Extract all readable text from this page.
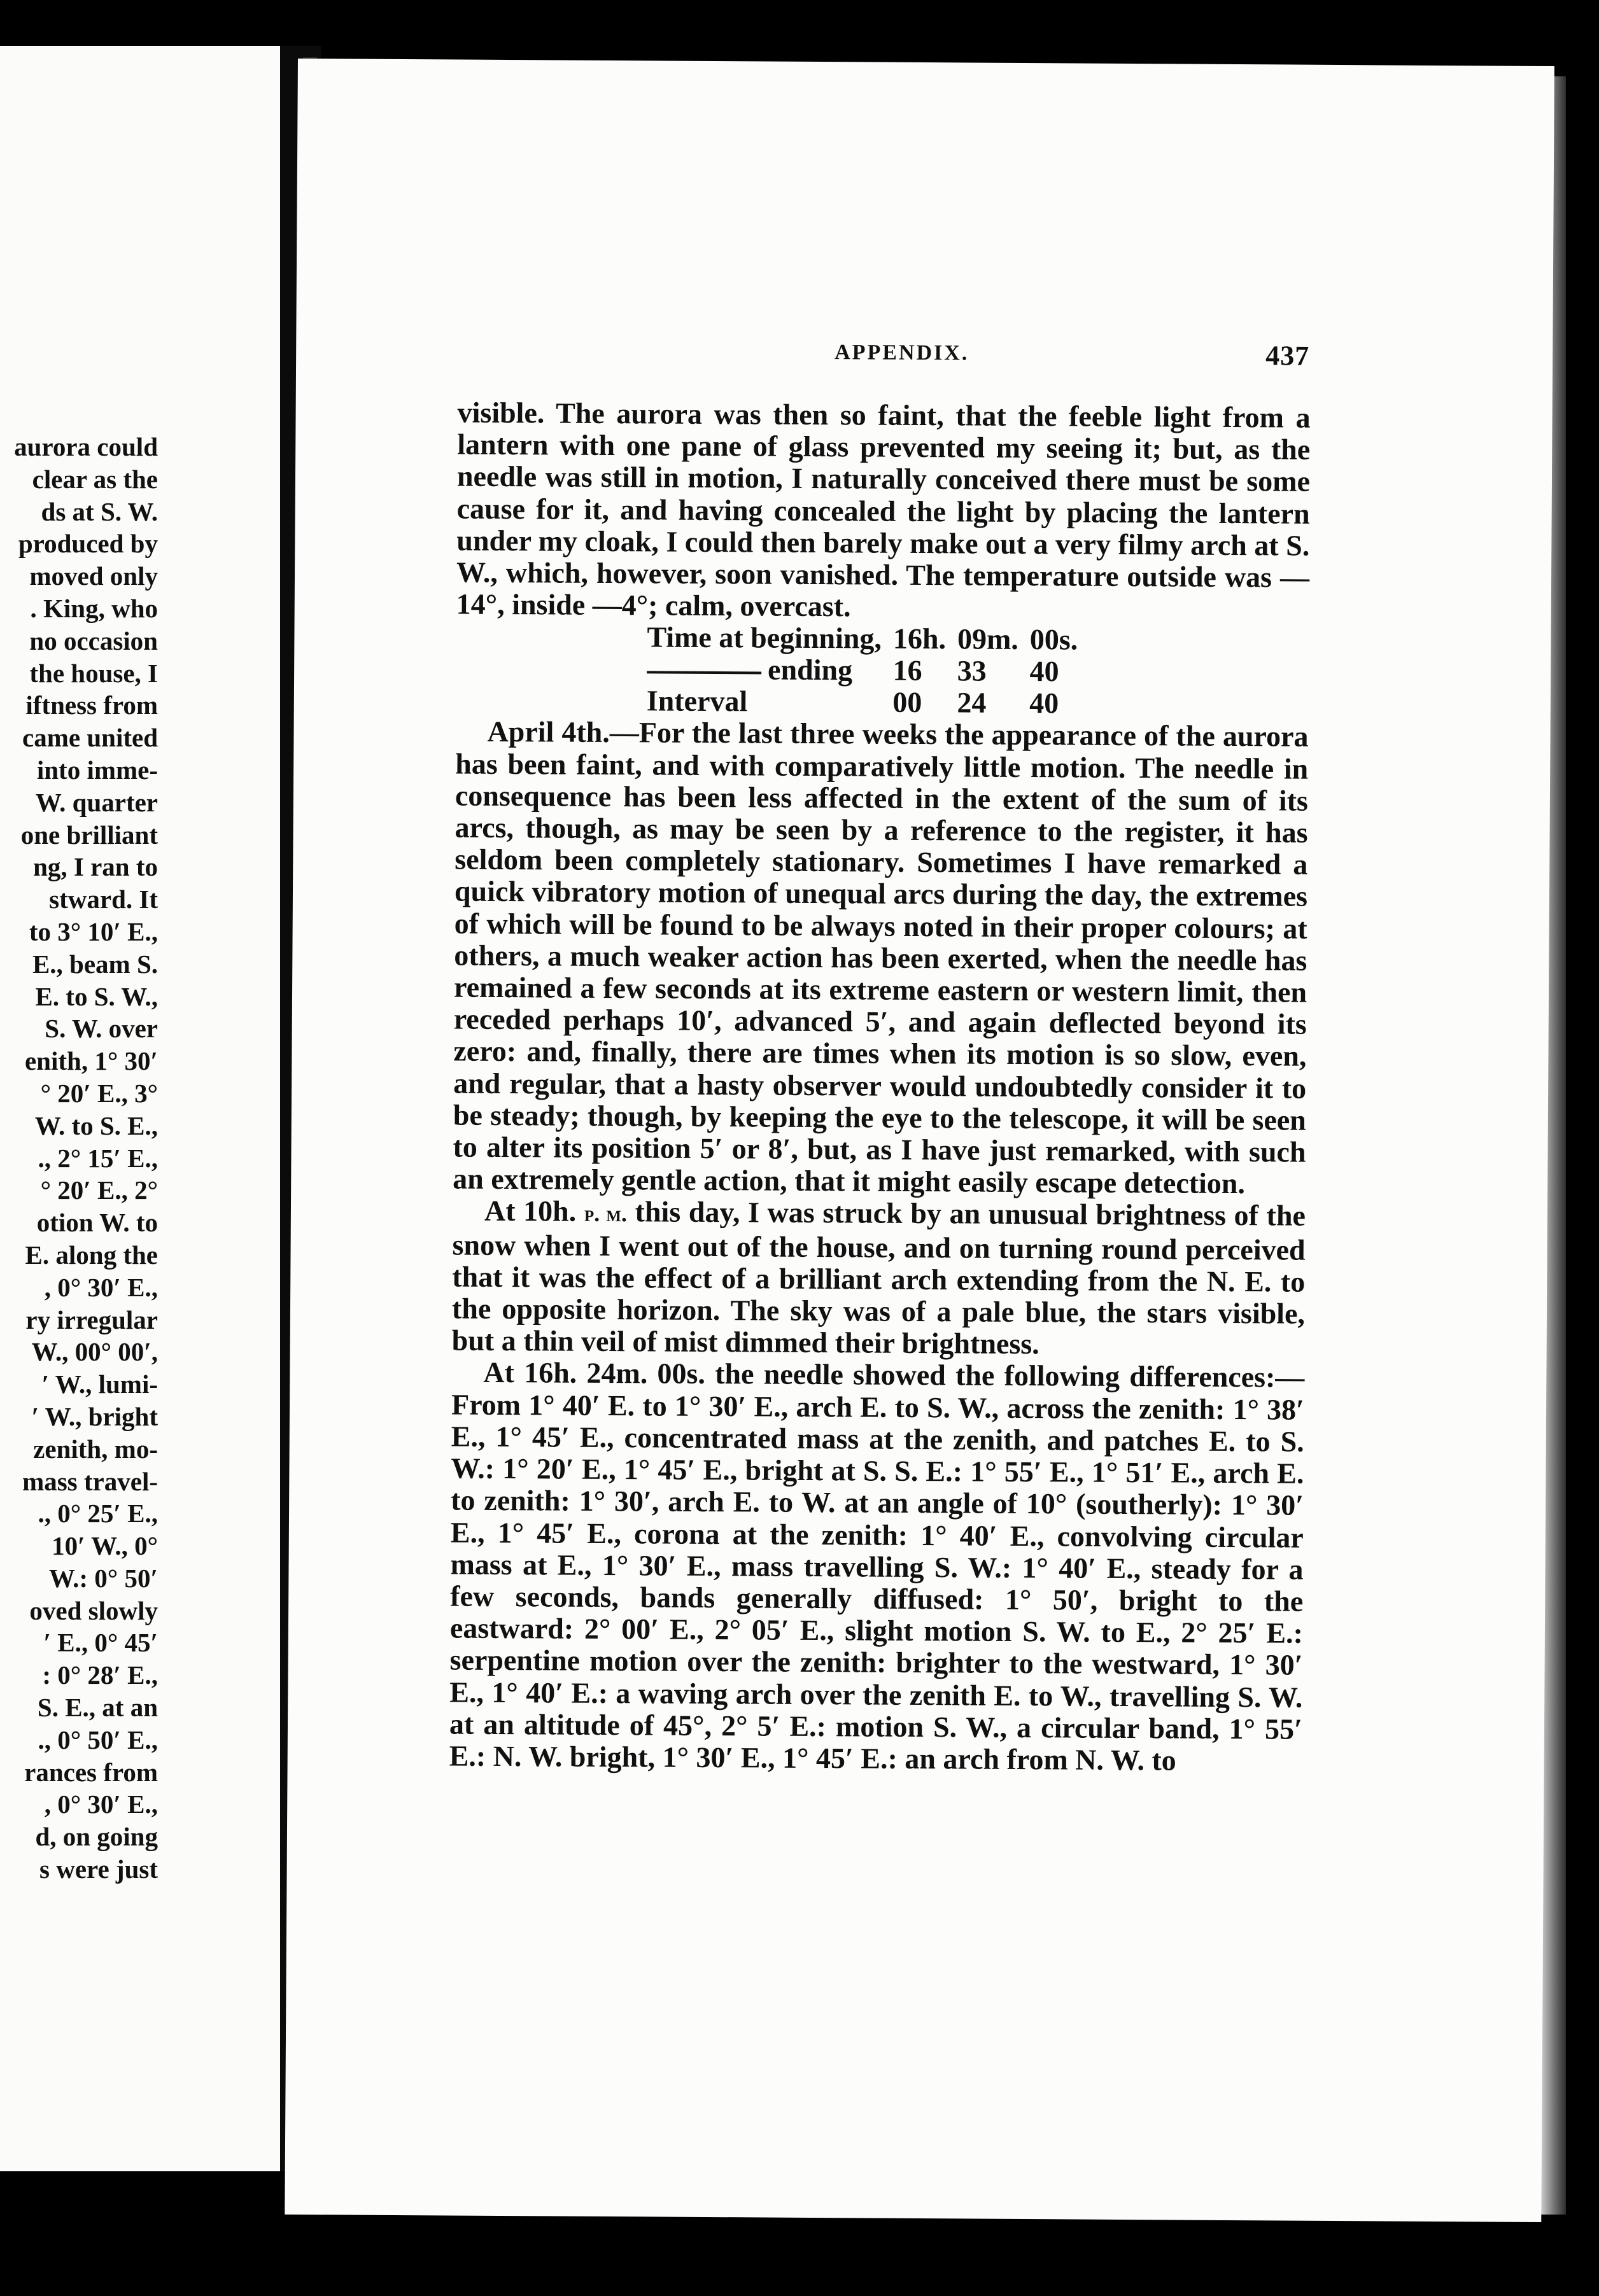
aurora could
clear as the
ds at S. W.
produced by
moved only
. King, who
no occasion
the house, I
iftness from
came united
into imme-
W. quarter
one brilliant
ng, I ran to
stward. It
to 3° 10′ E.,
E., beam S.
E. to S. W.,
S. W. over
enith, 1° 30′
° 20′ E., 3°
W. to S. E.,
., 2° 15′ E.,
° 20′ E., 2°
otion W. to
E. along the
, 0° 30′ E.,
ry irregular
W., 00° 00′,
′ W., lumi-
′ W., bright
zenith, mo-
mass travel-
., 0° 25′ E.,
10′ W., 0°
W.: 0° 50′
oved slowly
′ E., 0° 45′
: 0° 28′ E.,
S. E., at an
., 0° 50′ E.,
rances from
, 0° 30′ E.,
d, on going
s were just
APPENDIX.	437

visible. The aurora was then so faint, that the feeble light from a lantern with one pane of glass prevented my seeing it; but, as the needle was still in motion, I naturally conceived there must be some cause for it, and having concealed the light by placing the lantern under my cloak, I could then barely make out a very filmy arch at S. W., which, however, soon vanished. The temperature outside was —14°, inside —4°; calm, overcast.

Time at beginning,	16h.	09m.	00s.
ending	16	33	40
Interval	00	24	40

April 4th.—For the last three weeks the appearance of the aurora has been faint, and with comparatively little motion. The needle in consequence has been less affected in the extent of the sum of its arcs, though, as may be seen by a reference to the register, it has seldom been completely stationary. Sometimes I have remarked a quick vibratory motion of unequal arcs during the day, the extremes of which will be found to be always noted in their proper colours; at others, a much weaker action has been exerted, when the needle has remained a few seconds at its extreme eastern or western limit, then receded perhaps 10′, advanced 5′, and again deflected beyond its zero: and, finally, there are times when its motion is so slow, even, and regular, that a hasty observer would undoubtedly consider it to be steady; though, by keeping the eye to the telescope, it will be seen to alter its position 5′ or 8′, but, as I have just remarked, with such an extremely gentle action, that it might easily escape detection.

At 10h. p. m. this day, I was struck by an unusual brightness of the snow when I went out of the house, and on turning round perceived that it was the effect of a brilliant arch extending from the N. E. to the opposite horizon. The sky was of a pale blue, the stars visible, but a thin veil of mist dimmed their brightness.

At 16h. 24m. 00s. the needle showed the following differences:—From 1° 40′ E. to 1° 30′ E., arch E. to S. W., across the zenith: 1° 38′ E., 1° 45′ E., concentrated mass at the zenith, and patches E. to S. W.: 1° 20′ E., 1° 45′ E., bright at S. S. E.: 1° 55′ E., 1° 51′ E., arch E. to zenith: 1° 30′, arch E. to W. at an angle of 10° (southerly): 1° 30′ E., 1° 45′ E., corona at the zenith: 1° 40′ E., convolving circular mass at E., 1° 30′ E., mass travelling S. W.: 1° 40′ E., steady for a few seconds, bands generally diffused: 1° 50′, bright to the eastward: 2° 00′ E., 2° 05′ E., slight motion S. W. to E., 2° 25′ E.: serpentine motion over the zenith: brighter to the westward, 1° 30′ E., 1° 40′ E.: a waving arch over the zenith E. to W., travelling S. W. at an altitude of 45°, 2° 5′ E.: motion S. W., a circular band, 1° 55′ E.: N. W. bright, 1° 30′ E., 1° 45′ E.: an arch from N. W. to
